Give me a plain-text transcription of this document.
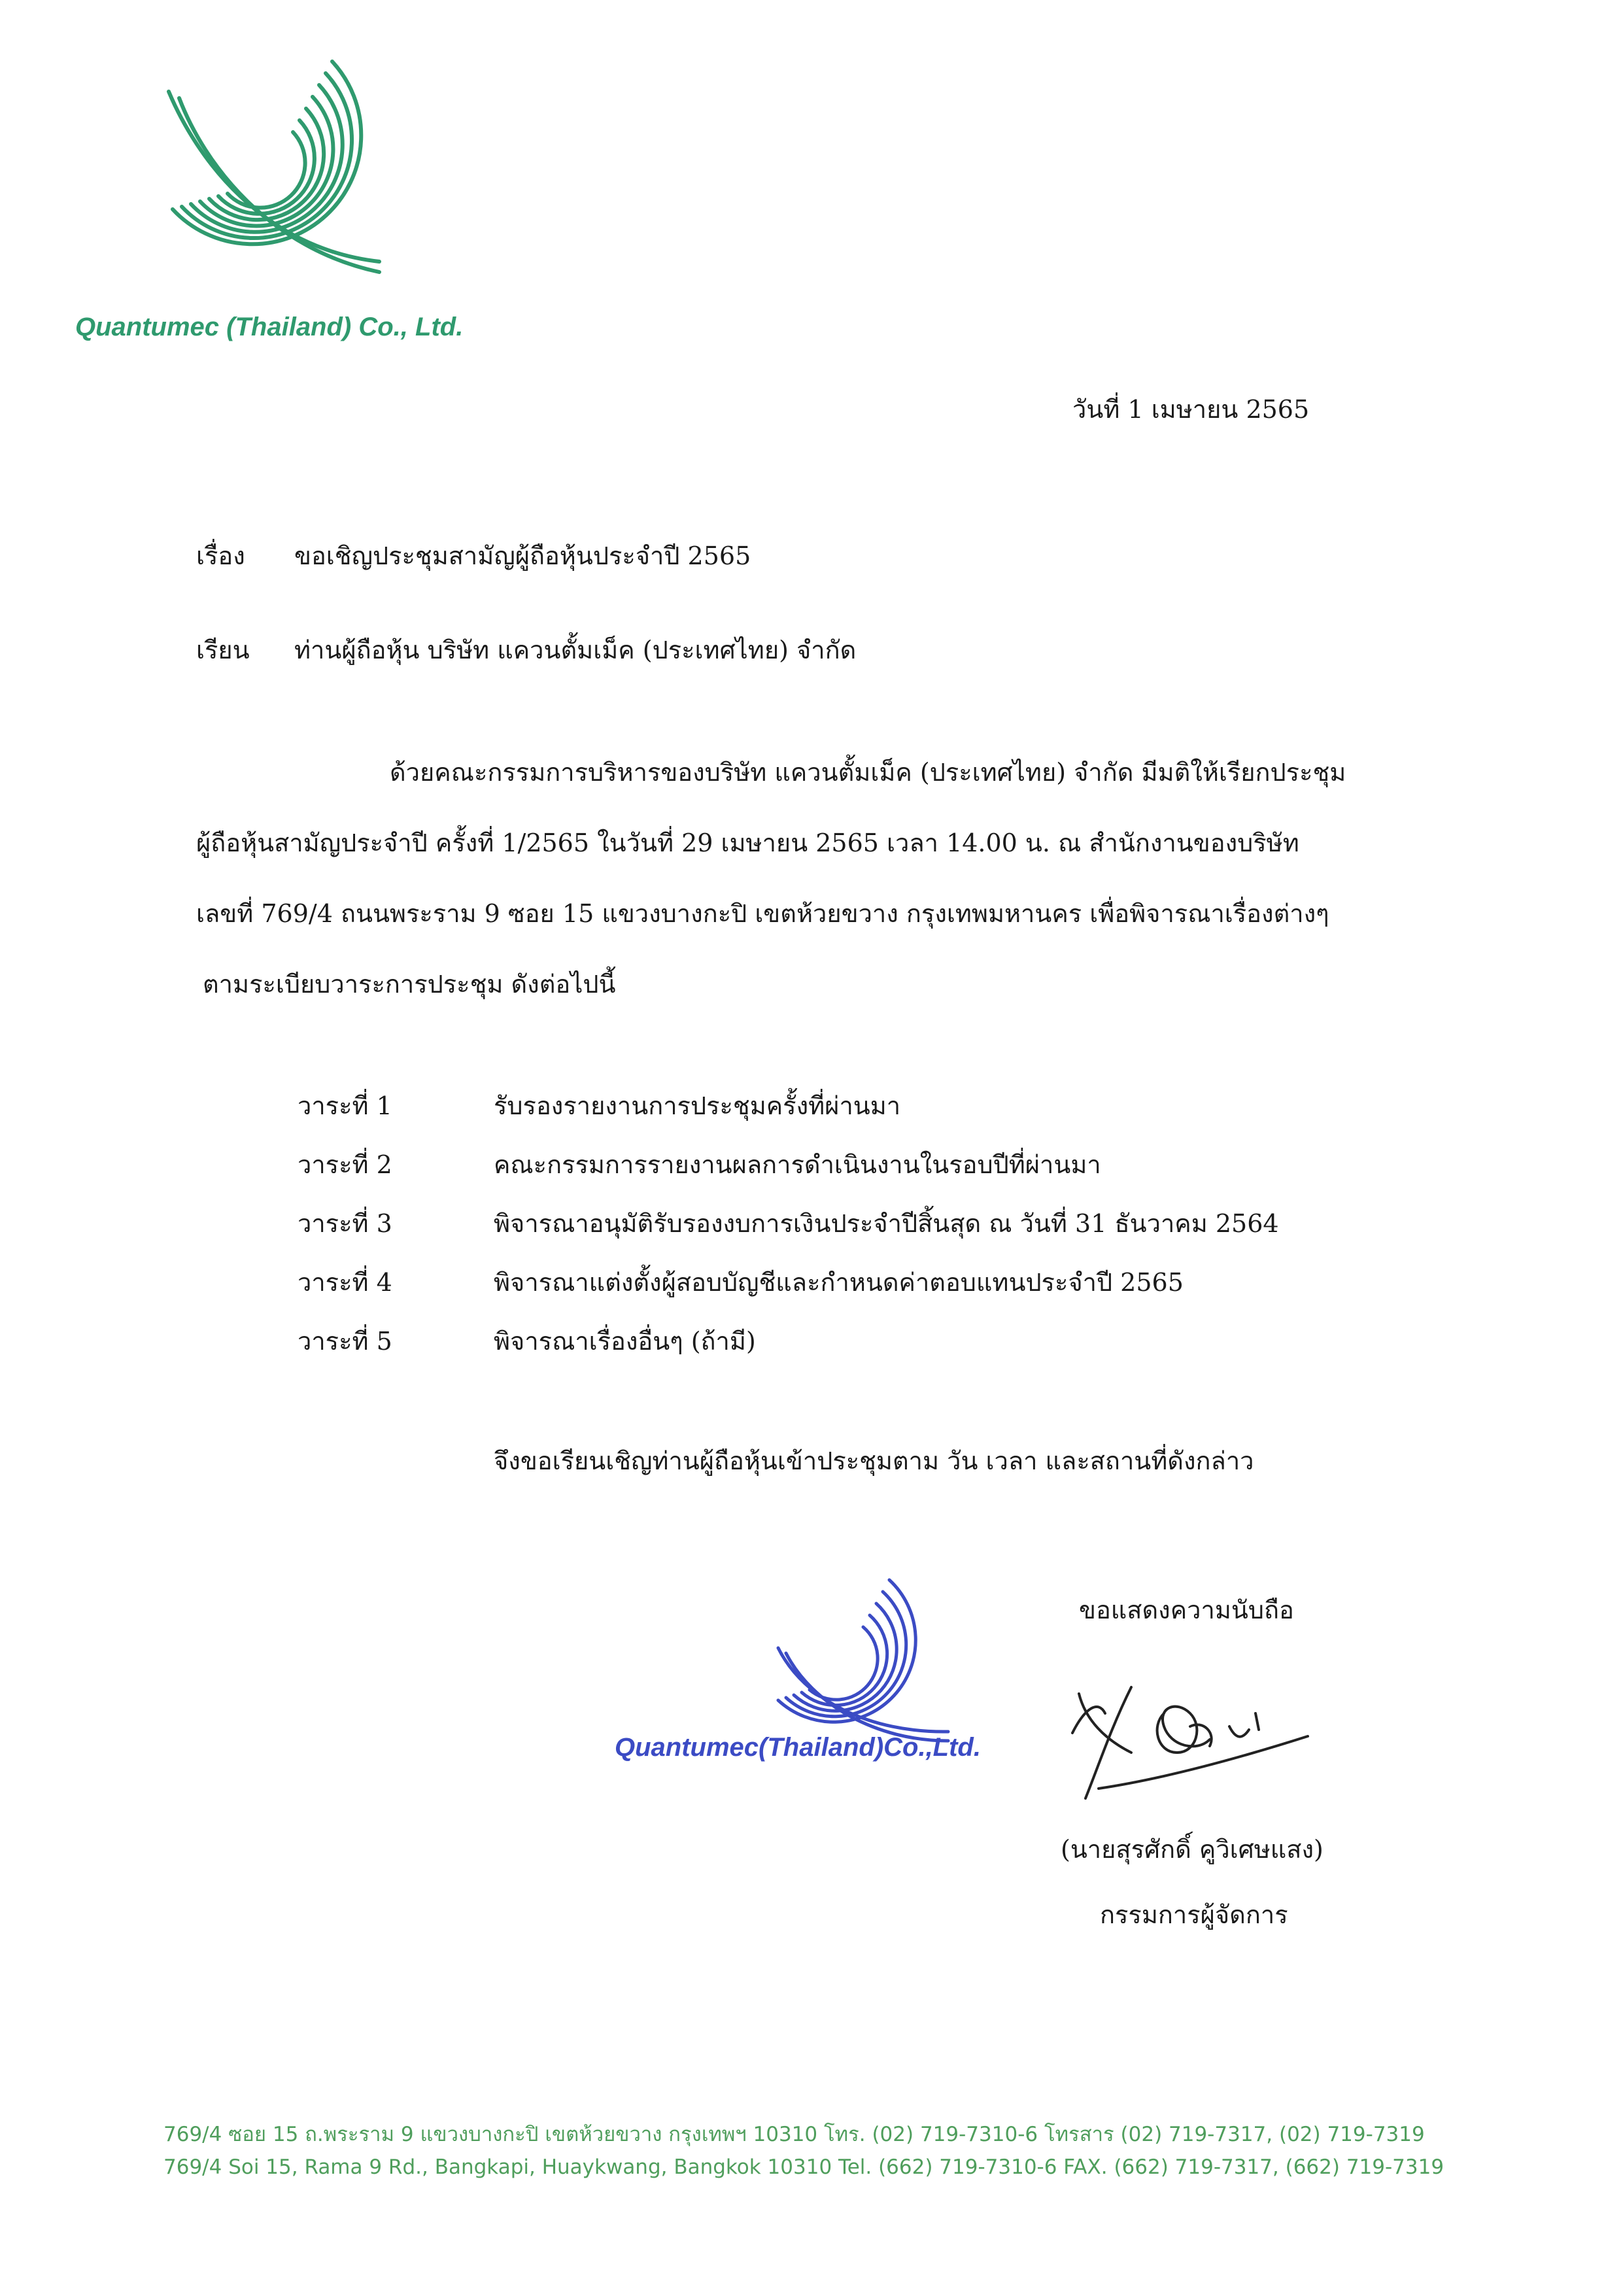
Quantumec (Thailand) Co., Ltd.
วันที่ 1 เมษายน 2565
เรื่อง ขอเชิญประชุมสามัญผู้ถือหุ้นประจำปี 2565
เรียน ท่านผู้ถือหุ้น บริษัท แควนตั้มเม็ค (ประเทศไทย) จำกัด
ด้วยคณะกรรมการบริหารของบริษัท แควนตั้มเม็ค (ประเทศไทย) จำกัด มีมติให้เรียกประชุม
ผู้ถือหุ้นสามัญประจำปี ครั้งที่ 1/2565 ในวันที่ 29 เมษายน 2565 เวลา 14.00 น. ณ สำนักงานของบริษัท
เลขที่ 769/4 ถนนพระราม 9 ซอย 15 แขวงบางกะปิ เขตห้วยขวาง กรุงเทพมหานคร เพื่อพิจารณาเรื่องต่างๆ
ตามระเบียบวาระการประชุม ดังต่อไปนี้
วาระที่ 1	รับรองรายงานการประชุมครั้งที่ผ่านมา
วาระที่ 2	คณะกรรมการรายงานผลการดำเนินงานในรอบปีที่ผ่านมา
วาระที่ 3	พิจารณาอนุมัติรับรองงบการเงินประจำปีสิ้นสุด ณ วันที่ 31 ธันวาคม 2564
วาระที่ 4	พิจารณาแต่งตั้งผู้สอบบัญชีและกำหนดค่าตอบแทนประจำปี 2565
วาระที่ 5	พิจารณาเรื่องอื่นๆ (ถ้ามี)
จึงขอเรียนเชิญท่านผู้ถือหุ้นเข้าประชุมตาม วัน เวลา และสถานที่ดังกล่าว
ขอแสดงความนับถือ
Quantumec(Thailand)Co.,Ltd.
(นายสุรศักดิ์ คูวิเศษแสง)
กรรมการผู้จัดการ
769/4 ซอย 15 ถ.พระราม 9 แขวงบางกะปิ เขตห้วยขวาง กรุงเทพฯ 10310 โทร. (02) 719-7310-6 โทรสาร (02) 719-7317, (02) 719-7319
769/4 Soi 15, Rama 9 Rd., Bangkapi, Huaykwang, Bangkok 10310 Tel. (662) 719-7310-6 FAX. (662) 719-7317, (662) 719-7319
